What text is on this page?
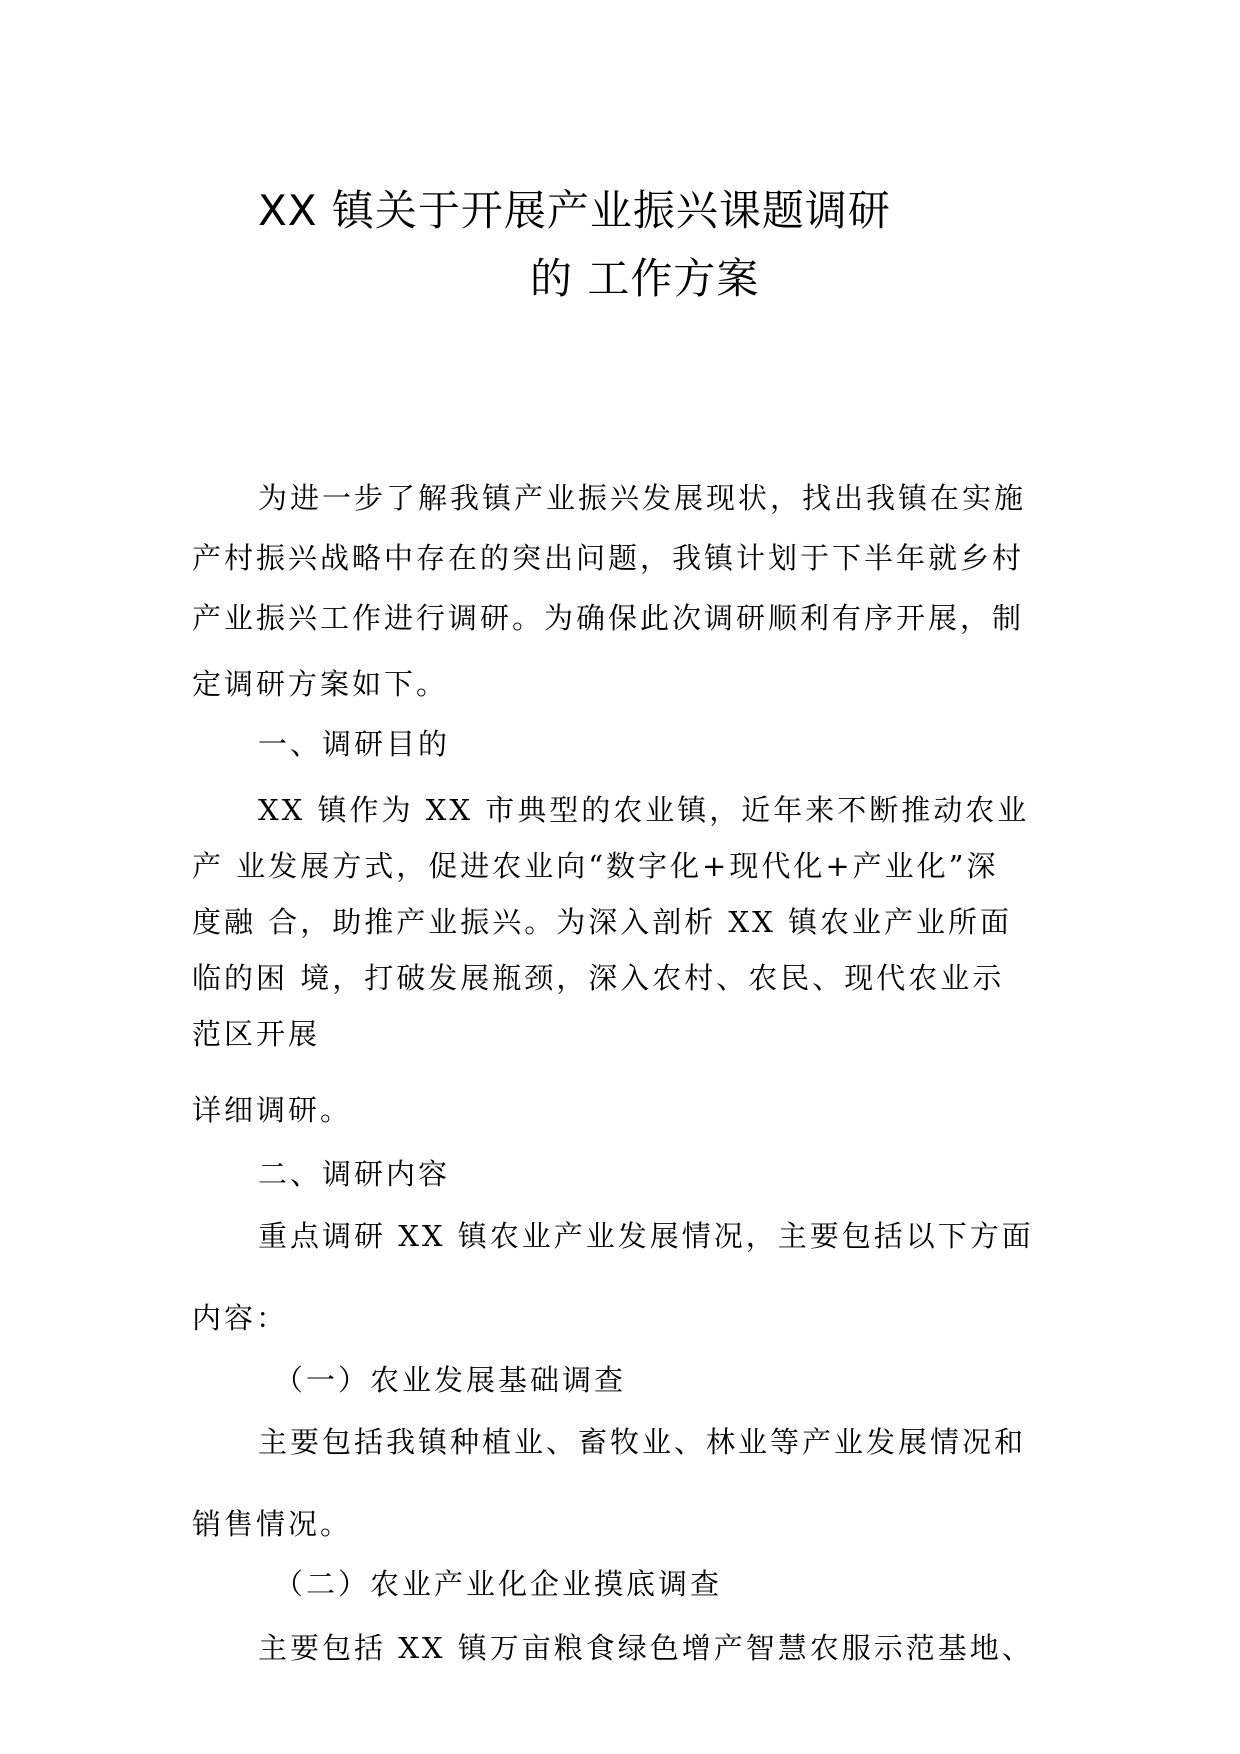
XX 镇关于开展产业振兴课题调研
的 工作方案
为进一步了解我镇产业振兴发展现状，找出我镇在实施
产村振兴战略中存在的突出问题，我镇计划于下半年就乡村
产业振兴工作进行调研。为确保此次调研顺利有序开展，制
定调研方案如下。
一、调研目的
XX 镇作为 XX 市典型的农业镇，近年来不断推动农业
产 业发展方式，促进农业向“数字化+现代化+产业化”深
度融 合，助推产业振兴。为深入剖析 XX 镇农业产业所面
临的困 境，打破发展瓶颈，深入农村、农民、现代农业示
范区开展
详细调研。
二、调研内容
重点调研 XX 镇农业产业发展情况，主要包括以下方面
内容：
（一）农业发展基础调查
主要包括我镇种植业、畜牧业、林业等产业发展情况和
销售情况。
（二）农业产业化企业摸底调查
主要包括 XX 镇万亩粮食绿色增产智慧农服示范基地、
